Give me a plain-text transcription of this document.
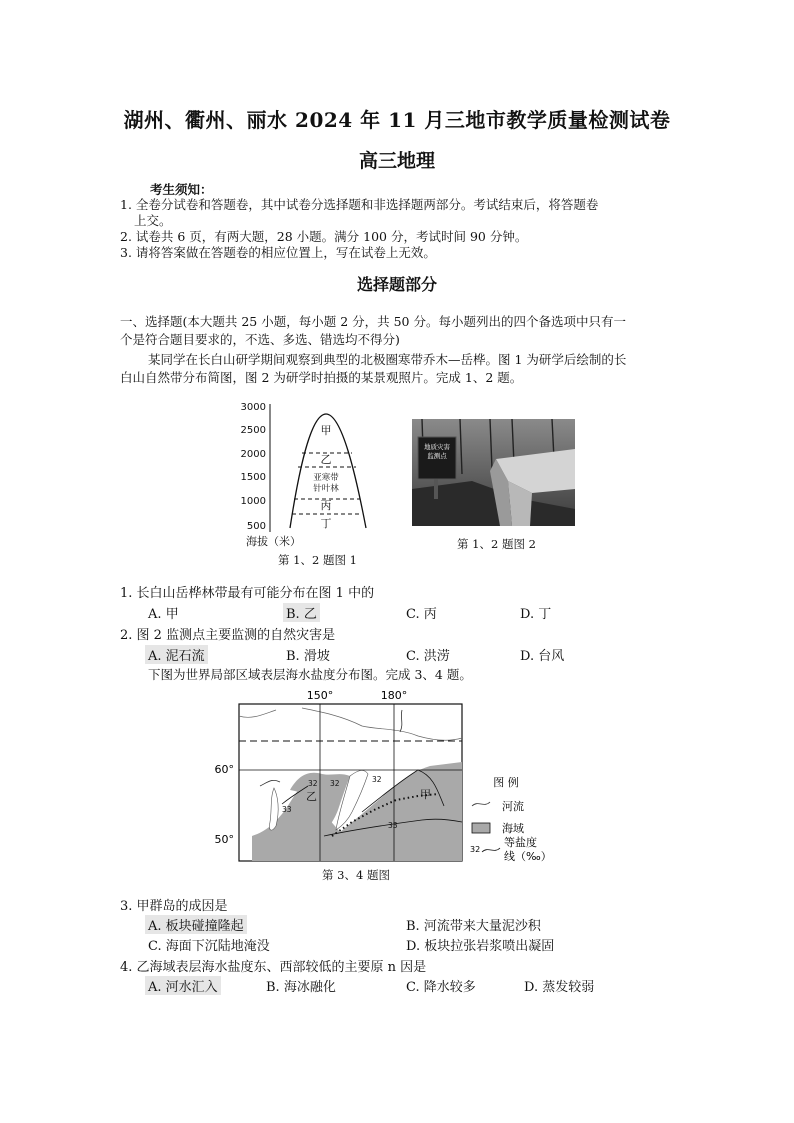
湖州、衢州、丽水 2024 年 11 月三地市教学质量检测试卷
高三地理
考生须知：
1. 全卷分试卷和答题卷，其中试卷分选择题和非选择题两部分。考试结束后，将答题卷
上交。
2. 试卷共 6 页，有两大题，28 小题。满分 100 分，考试时间 90 分钟。
3. 请将答案做在答题卷的相应位置上，写在试卷上无效。
选择题部分
一、选择题(本大题共 25 小题，每小题 2 分，共 50 分。每小题列出的四个备选项中只有一
个是符合题目要求的，不选、多选、错选均不得分)
某同学在长白山研学期间观察到典型的北极圈寒带乔木—岳桦。图 1 为研学后绘制的长
白山自然带分布简图，图 2 为研学时拍摄的某景观照片。完成 1、2 题。
3000
2500
2000
1500
1000
500
甲
乙
亚寒带
针叶林
丙
丁
海拔（米）
第 1、2 题图 1
地质灾害
监测点
第 1、2 题图 2
1. 长白山岳桦林带最有可能分布在图 1 中的
A. 甲	B. 乙	C. 丙	D. 丁
2. 图 2 监测点主要监测的自然灾害是
A. 泥石流	B. 滑坡	C. 洪涝	D. 台风
下图为世界局部区域表层海水盐度分布图。完成 3、4 题。
150°	180°
60°
50°
32 32	32
33
33
甲
乙
图 例
河流
海域
等盐度
32
线（‰）
第 3、4 题图
3. 甲群岛的成因是
A. 板块碰撞隆起	B. 河流带来大量泥沙积
C. 海面下沉陆地淹没	D. 板块拉张岩浆喷出凝固
4. 乙海域表层海水盐度东、西部较低的主要原 n 因是
A. 河水汇入	B. 海冰融化	C. 降水较多	D. 蒸发较弱
